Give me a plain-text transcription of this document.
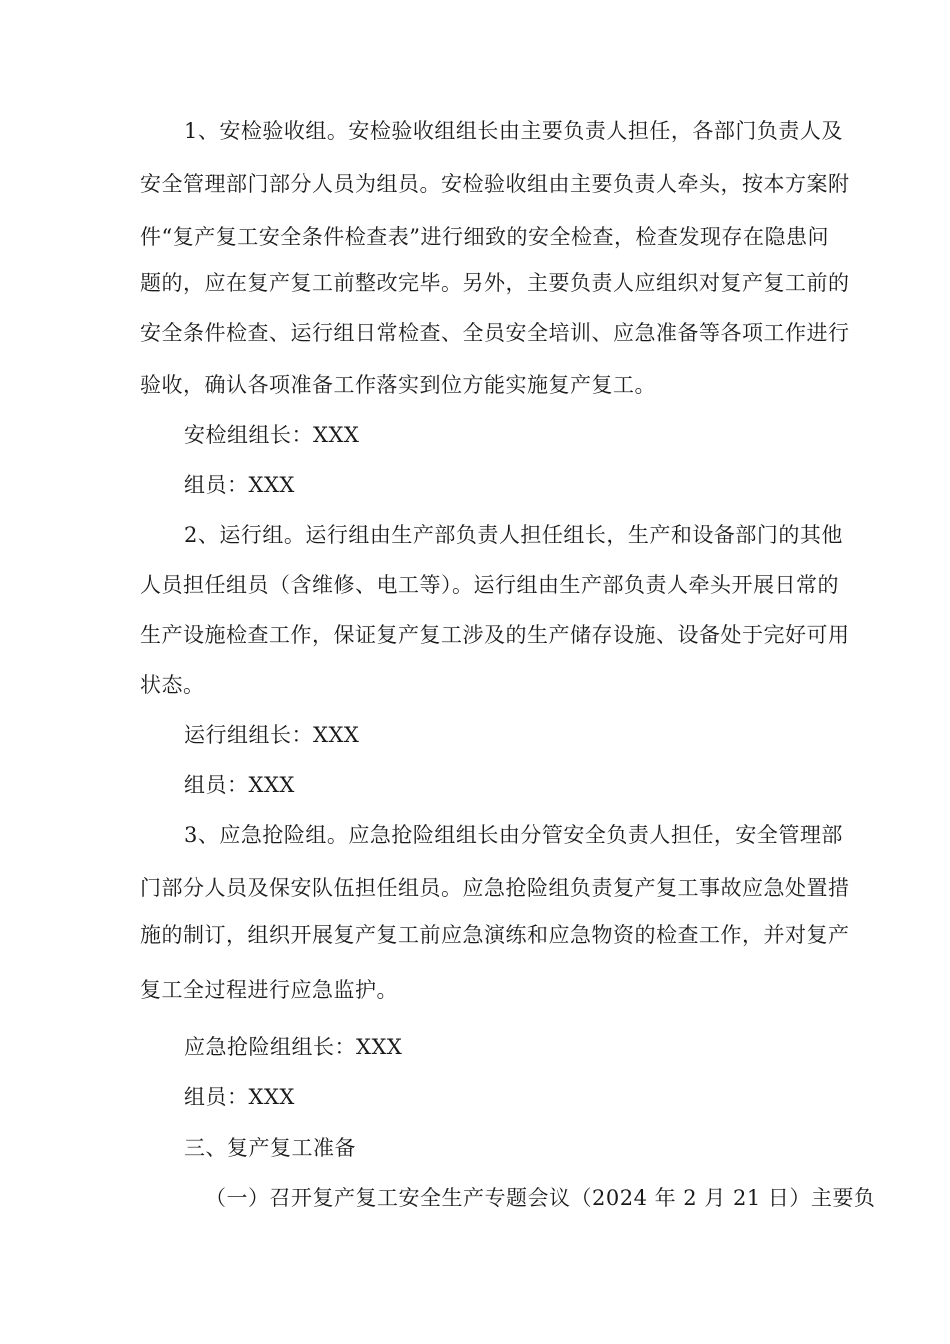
1、安检验收组。安检验收组组长由主要负责人担任，各部门负责人及
安全管理部门部分人员为组员。安检验收组由主要负责人牵头，按本方案附
件“复产复工安全条件检查表”进行细致的安全检查，检查发现存在隐患问
题的，应在复产复工前整改完毕。另外，主要负责人应组织对复产复工前的
安全条件检查、运行组日常检查、全员安全培训、应急准备等各项工作进行
验收，确认各项准备工作落实到位方能实施复产复工。
安检组组长：XXX
组员：XXX
2、运行组。运行组由生产部负责人担任组长，生产和设备部门的其他
人员担任组员（含维修、电工等）。运行组由生产部负责人牵头开展日常的
生产设施检查工作，保证复产复工涉及的生产储存设施、设备处于完好可用
状态。
运行组组长：XXX
组员：XXX
3、应急抢险组。应急抢险组组长由分管安全负责人担任，安全管理部
门部分人员及保安队伍担任组员。应急抢险组负责复产复工事故应急处置措
施的制订，组织开展复产复工前应急演练和应急物资的检查工作，并对复产
复工全过程进行应急监护。
应急抢险组组长：XXX
组员：XXX
三、复产复工准备
（一）召开复产复工安全生产专题会议（2024 年 2 月 21 日）主要负
